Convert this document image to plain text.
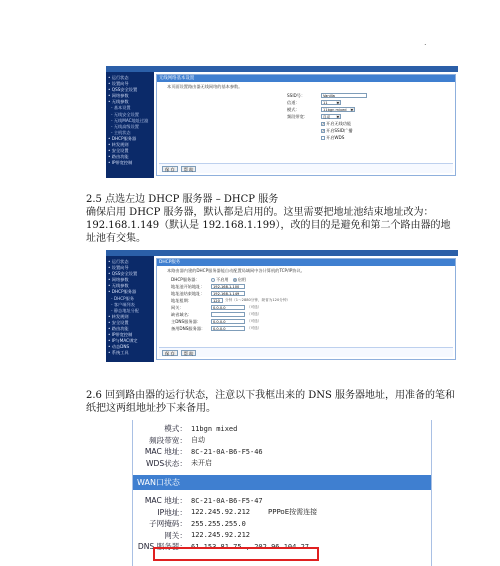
.
• 运行状态
• 设置向导
• QSS安全设置
• 网络参数
• 无线参数
- 基本设置
- 无线安全设置
- 无线MAC地址过滤
- 无线高级设置
- 主机状态
• DHCP服务器
• 转发规则
• 安全设置
• 路由功能
• IP带宽控制
无线网络基本设置
本页面设置路由器无线网络的基本参数。
SSID号：	Vanilla
信道：	11	▼
模式：	11bgn mixed	▼
频段带宽：	自动	▼
✓ 开启无线功能
✓ 开启SSID广播
开启WDS
保 存	帮 助
2.5 点选左边 DHCP 服务器 – DHCP 服务
确保启用 DHCP 服务器，默认都是启用的。这里需要把地址池结束地址改为：192.168.1.149（默认是 192.168.1.199），改的目的是避免和第二个路由器的地址池有交集。
• 运行状态
• 设置向导
• QSS安全设置
• 网络参数
• 无线参数
• DHCP服务器
- DHCP服务
- 客户端列表
- 静态地址分配
• 转发规则
• 安全设置
• 路由功能
• IP带宽控制
• IP与MAC绑定
• 动态DNS
• 系统工具
DHCP服务
本路由器内建的DHCP服务器能自动配置局域网中各计算机的TCP/IP协议。
DHCP服务器：	不启用 启用
地址池开始地址：	192.168.1.100
地址池结束地址：	192.168.1.149
地址租期：	120	分钟（1～2880分钟，缺省为120分钟）
网关：	0.0.0.0	（可选）
缺省域名：	（可选）
主DNS服务器：	0.0.0.0	（可选）
备用DNS服务器：	0.0.0.0	（可选）
保 存	帮 助
2.6 回到路由器的运行状态，注意以下我框出来的 DNS 服务器地址，用准备的笔和纸把这两组地址抄下来备用。
模式： 11bgn mixed
频段带宽： 自动
MAC 地址： 8C-21-0A-B6-F5-46
WDS状态： 未开启
WAN口状态
MAC 地址： 8C-21-0A-B6-F5-47
IP地址： 122.245.92.212	PPPoE按需连接
子网掩码： 255.255.255.0
网关： 122.245.92.212
DNS 服务器： 61.153.81.75 , 202.96.104.27
